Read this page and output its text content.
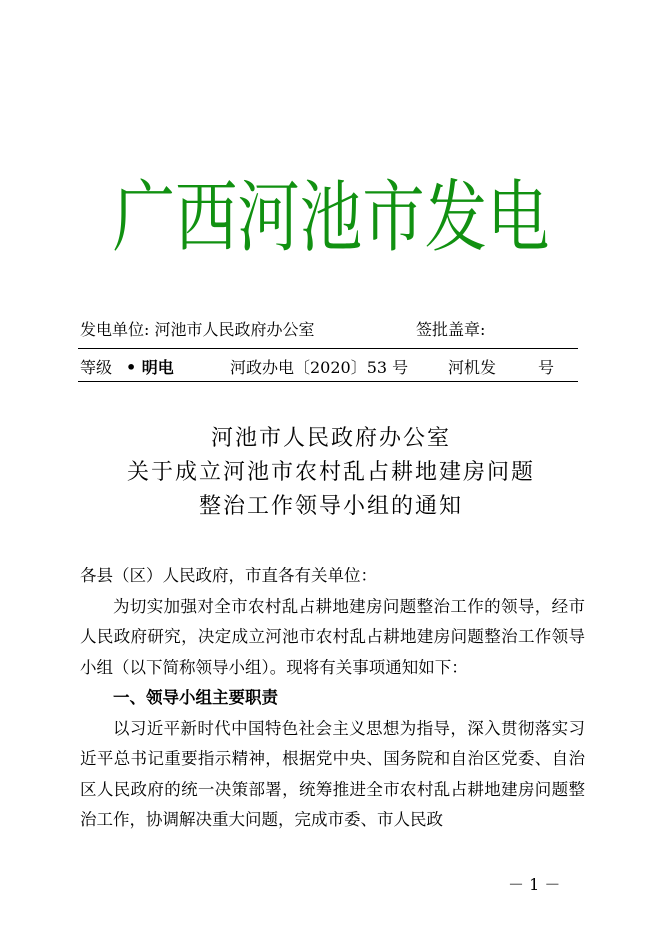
广西河池市发电
发电单位: 河池市人民政府办公室	签批盖章:
等级 • 明电	河政办电〔2020〕53 号 河机发	号
河池市人民政府办公室
关于成立河池市农村乱占耕地建房问题
整治工作领导小组的通知

各县（区）人民政府，市直各有关单位：

为切实加强对全市农村乱占耕地建房问题整治工作的领导，经市人民政府研究，决定成立河池市农村乱占耕地建房问题整治工作领导小组（以下简称领导小组）。现将有关事项通知如下：

一、领导小组主要职责

以习近平新时代中国特色社会主义思想为指导，深入贯彻落实习近平总书记重要指示精神，根据党中央、国务院和自治区党委、自治区人民政府的统一决策部署，统筹推进全市农村乱占耕地建房问题整治工作，协调解决重大问题，完成市委、市人民政

－ 1 －
